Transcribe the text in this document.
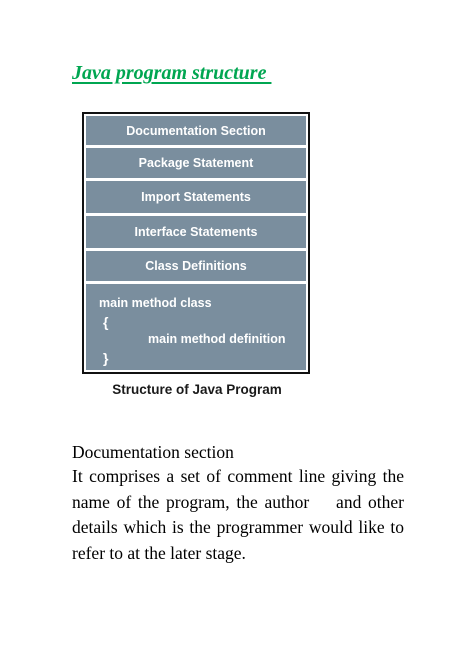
Java program structure
Documentation Section
Package Statement
Import Statements
Interface Statements
Class Definitions
main method class
{
main method definition
}
Structure of Java Program
Documentation section
It comprises a set of comment line giving the
name of the program, the author    and other
details which is the programmer would like to
refer to at the later stage.
